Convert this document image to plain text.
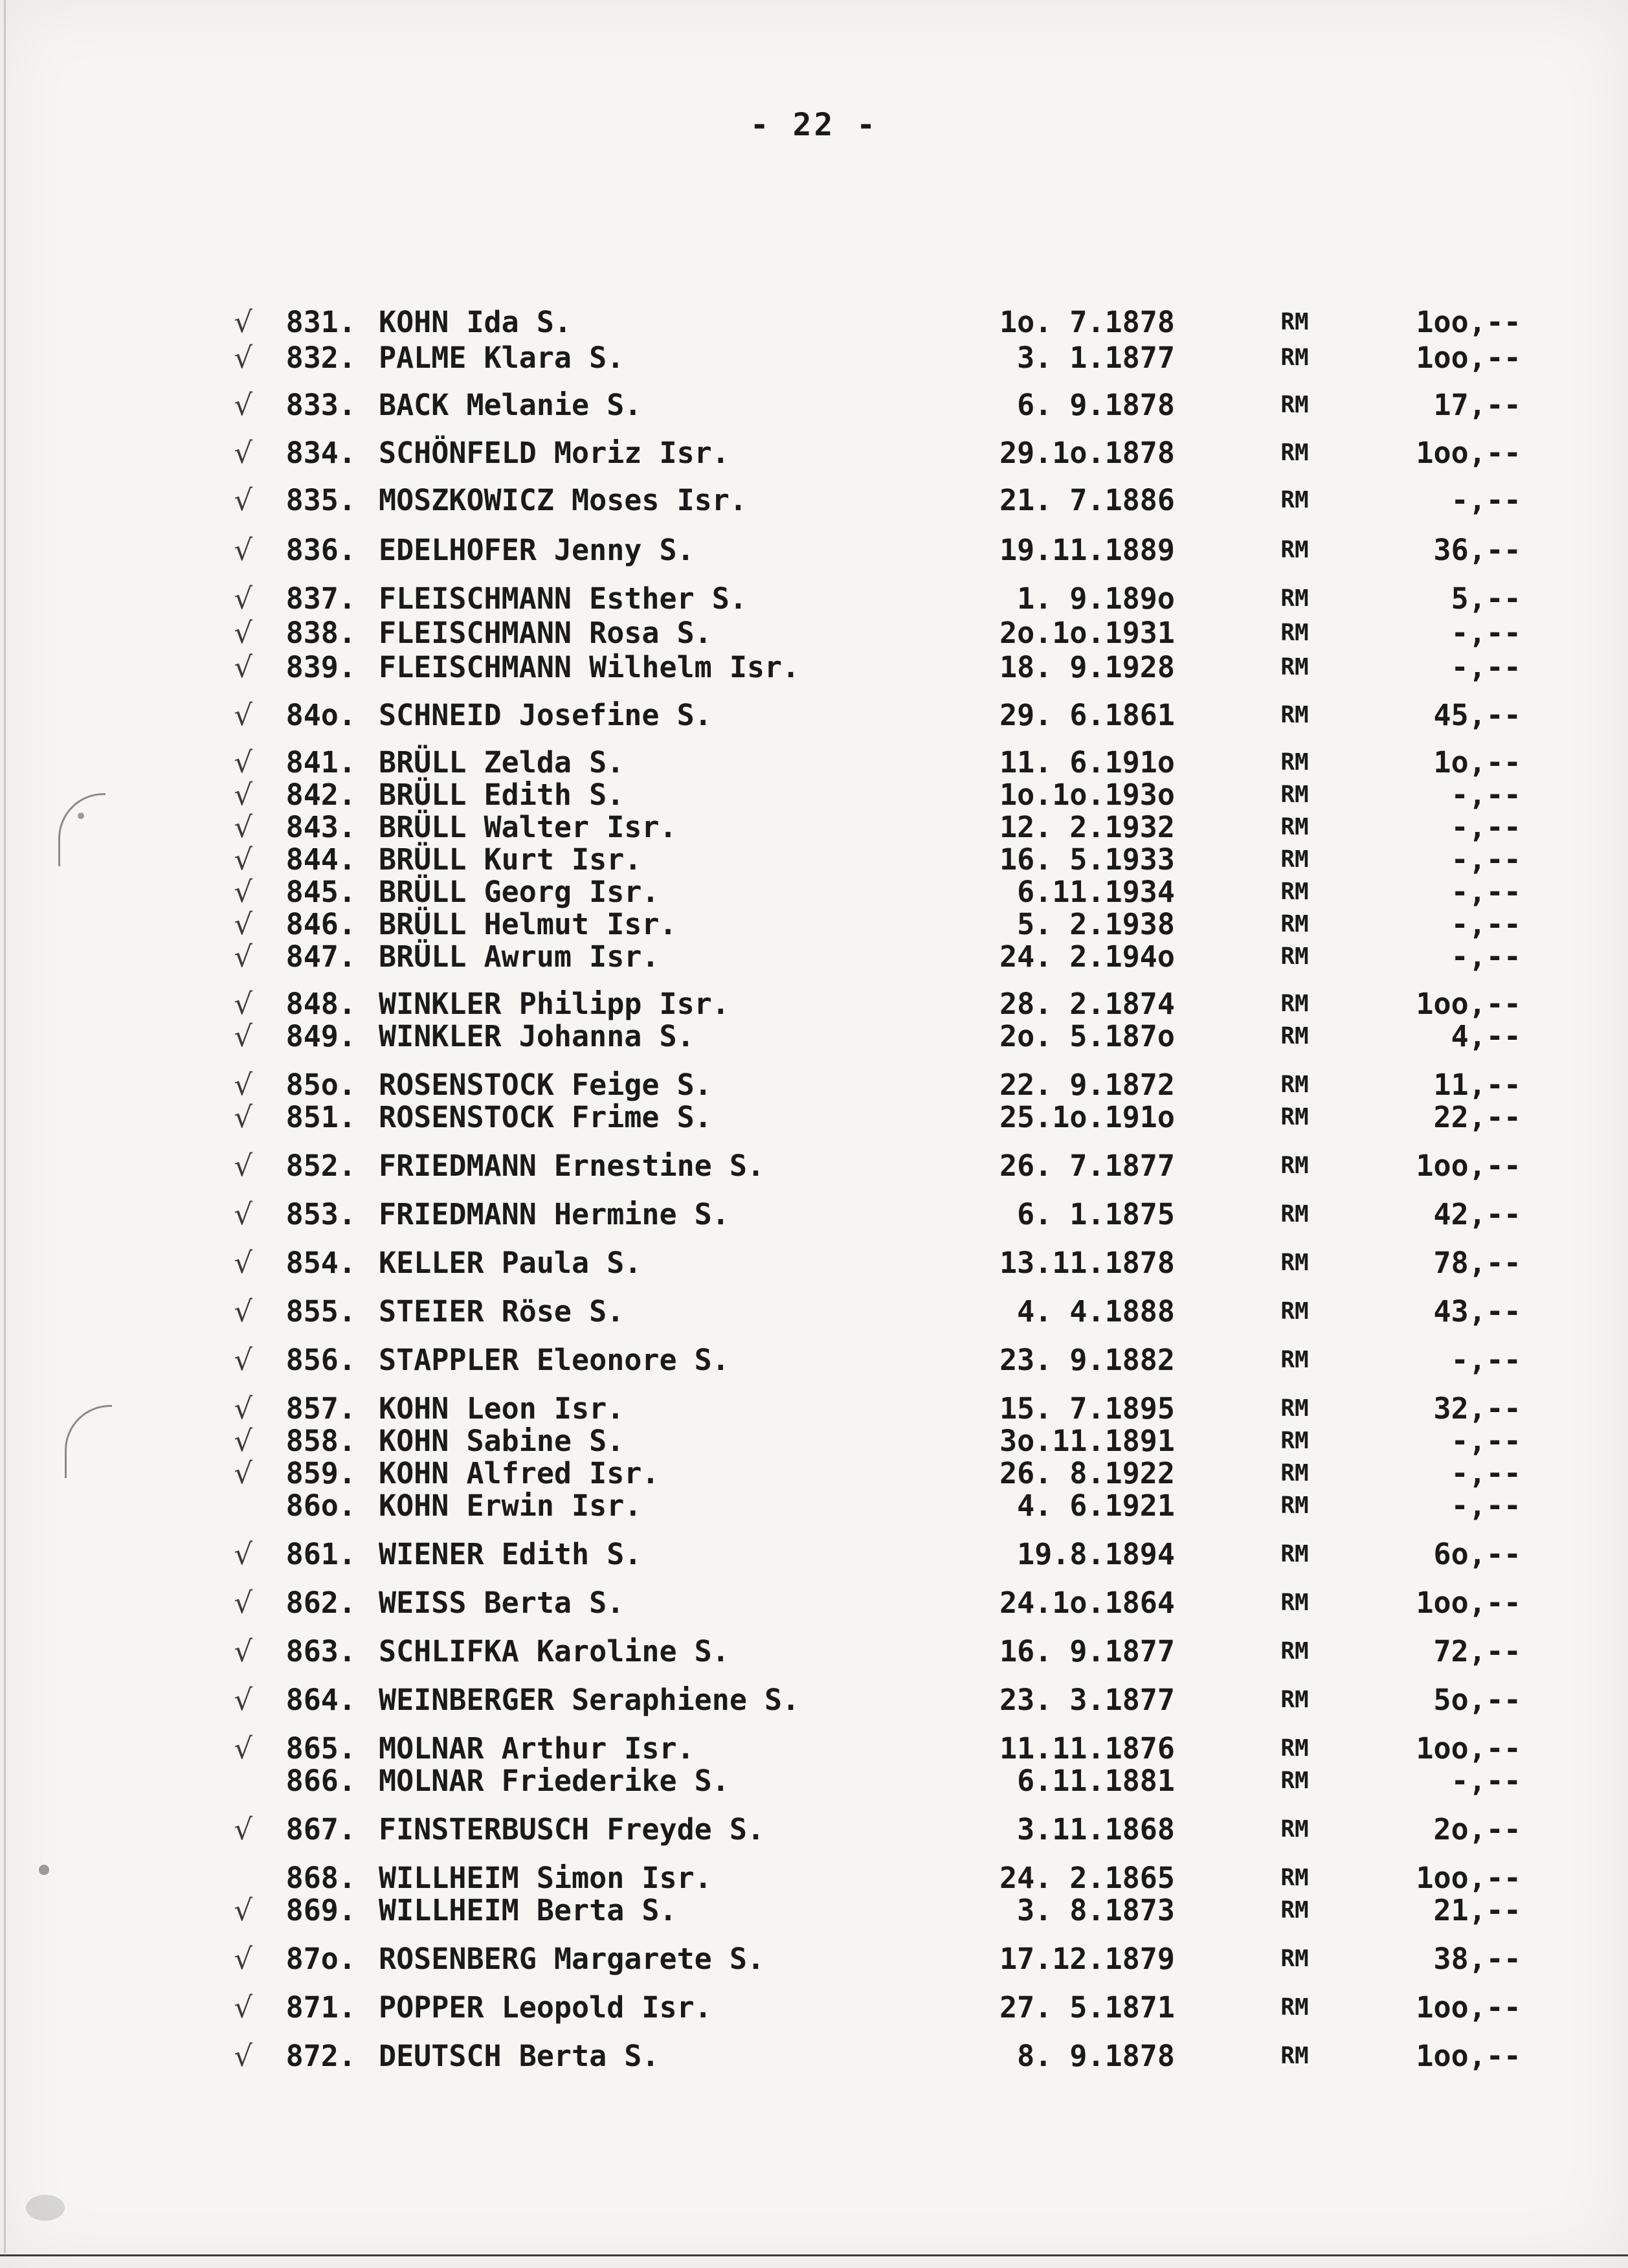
- 22 -
√	831. KOHN Ida S.	1o. 7.1878	RM	1oo,--
√	832. PALME Klara S.	3. 1.1877	RM	1oo,--
√	833. BACK Melanie S.	6. 9.1878	RM	17,--
√	834. SCHÖNFELD Moriz Isr.	29.1o.1878	RM	1oo,--
√	835. MOSZKOWICZ Moses Isr.	21. 7.1886	RM	-,--
√	836. EDELHOFER Jenny S.	19.11.1889	RM	36,--
√	837. FLEISCHMANN Esther S.	1. 9.189o	RM	5,--
√	838. FLEISCHMANN Rosa S.	2o.1o.1931	RM	-,--
√	839. FLEISCHMANN Wilhelm Isr.	18. 9.1928	RM	-,--
√	84o. SCHNEID Josefine S.	29. 6.1861	RM	45,--
√	841. BRÜLL Zelda S.	11. 6.191o	RM	1o,--
√	842. BRÜLL Edith S.	1o.1o.193o	RM	-,--
√	843. BRÜLL Walter Isr.	12. 2.1932	RM	-,--
√	844. BRÜLL Kurt Isr.	16. 5.1933	RM	-,--
√	845. BRÜLL Georg Isr.	6.11.1934	RM	-,--
√	846. BRÜLL Helmut Isr.	5. 2.1938	RM	-,--
√	847. BRÜLL Awrum Isr.	24. 2.194o	RM	-,--
√	848. WINKLER Philipp Isr.	28. 2.1874	RM	1oo,--
√	849. WINKLER Johanna S.	2o. 5.187o	RM	4,--
√	85o. ROSENSTOCK Feige S.	22. 9.1872	RM	11,--
√	851. ROSENSTOCK Frime S.	25.1o.191o	RM	22,--
√	852. FRIEDMANN Ernestine S.	26. 7.1877	RM	1oo,--
√	853. FRIEDMANN Hermine S.	6. 1.1875	RM	42,--
√	854. KELLER Paula S.	13.11.1878	RM	78,--
√	855. STEIER Röse S.	4. 4.1888	RM	43,--
√	856. STAPPLER Eleonore S.	23. 9.1882	RM	-,--
√	857. KOHN Leon Isr.	15. 7.1895	RM	32,--
√	858. KOHN Sabine S.	3o.11.1891	RM	-,--
√	859. KOHN Alfred Isr.	26. 8.1922	RM	-,--
86o. KOHN Erwin Isr.	4. 6.1921	RM	-,--
√	861. WIENER Edith S.	19.8.1894	RM	6o,--
√	862. WEISS Berta S.	24.1o.1864	RM	1oo,--
√	863. SCHLIFKA Karoline S.	16. 9.1877	RM	72,--
√	864. WEINBERGER Seraphiene S.	23. 3.1877	RM	5o,--
√	865. MOLNAR Arthur Isr.	11.11.1876	RM	1oo,--
866. MOLNAR Friederike S.	6.11.1881	RM	-,--
√	867. FINSTERBUSCH Freyde S.	3.11.1868	RM	2o,--
868. WILLHEIM Simon Isr.	24. 2.1865	RM	1oo,--
√	869. WILLHEIM Berta S.	3. 8.1873	RM	21,--
√	87o. ROSENBERG Margarete S.	17.12.1879	RM	38,--
√	871. POPPER Leopold Isr.	27. 5.1871	RM	1oo,--
√	872. DEUTSCH Berta S.	8. 9.1878	RM	1oo,--
